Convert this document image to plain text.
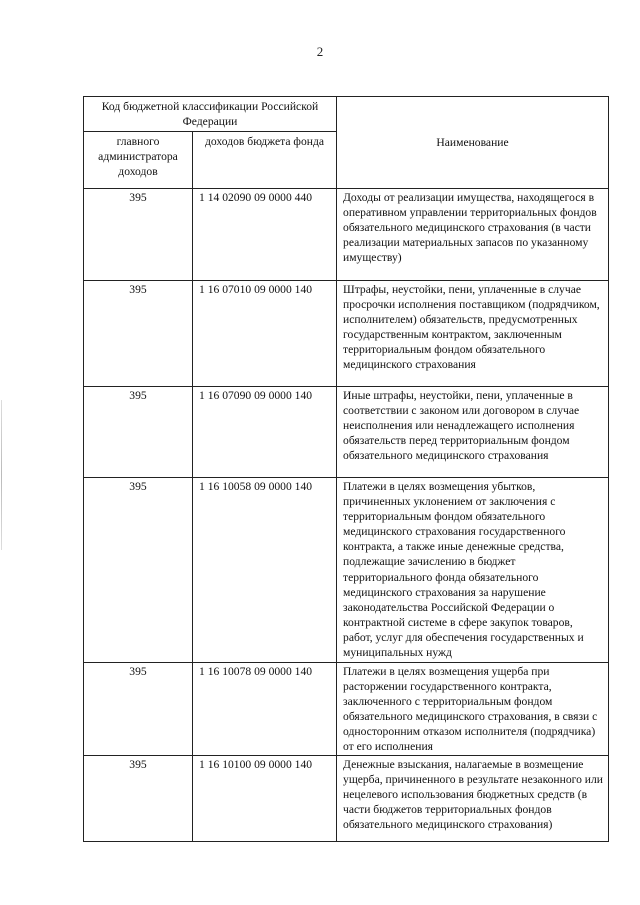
2
Код бюджетной классификации Российской Федерации		Наименование
главного администратора доходов	доходов бюджета фонда	
395	1 14 02090 09 0000 440	Доходы от реализации имущества, находящегося в оперативном управлении территориальных фондов обязательного медицинского страхования (в части реализации материальных запасов по указанному имуществу)
395	1 16 07010 09 0000 140	Штрафы, неустойки, пени, уплаченные в случае просрочки исполнения поставщиком (подрядчиком, исполнителем) обязательств, предусмотренных государственным контрактом, заключенным территориальным фондом обязательного медицинского страхования
395	1 16 07090 09 0000 140	Иные штрафы, неустойки, пени, уплаченные в соответствии с законом или договором в случае неисполнения или ненадлежащего исполнения обязательств перед территориальным фондом обязательного медицинского страхования
395	1 16 10058 09 0000 140	Платежи в целях возмещения убытков, причиненных уклонением от заключения с территориальным фондом обязательного медицинского страхования государственного контракта, а также иные денежные средства, подлежащие зачислению в бюджет территориального фонда обязательного медицинского страхования за нарушение законодательства Российской Федерации о контрактной системе в сфере закупок товаров, работ, услуг для обеспечения государственных и муниципальных нужд
395	1 16 10078 09 0000 140	Платежи в целях возмещения ущерба при расторжении государственного контракта, заключенного с территориальным фондом обязательного медицинского страхования, в связи с односторонним отказом исполнителя (подрядчика) от его исполнения
395	1 16 10100 09 0000 140	Денежные взыскания, налагаемые в возмещение ущерба, причиненного в результате незаконного или нецелевого использования бюджетных средств (в части бюджетов территориальных фондов обязательного медицинского страхования)
